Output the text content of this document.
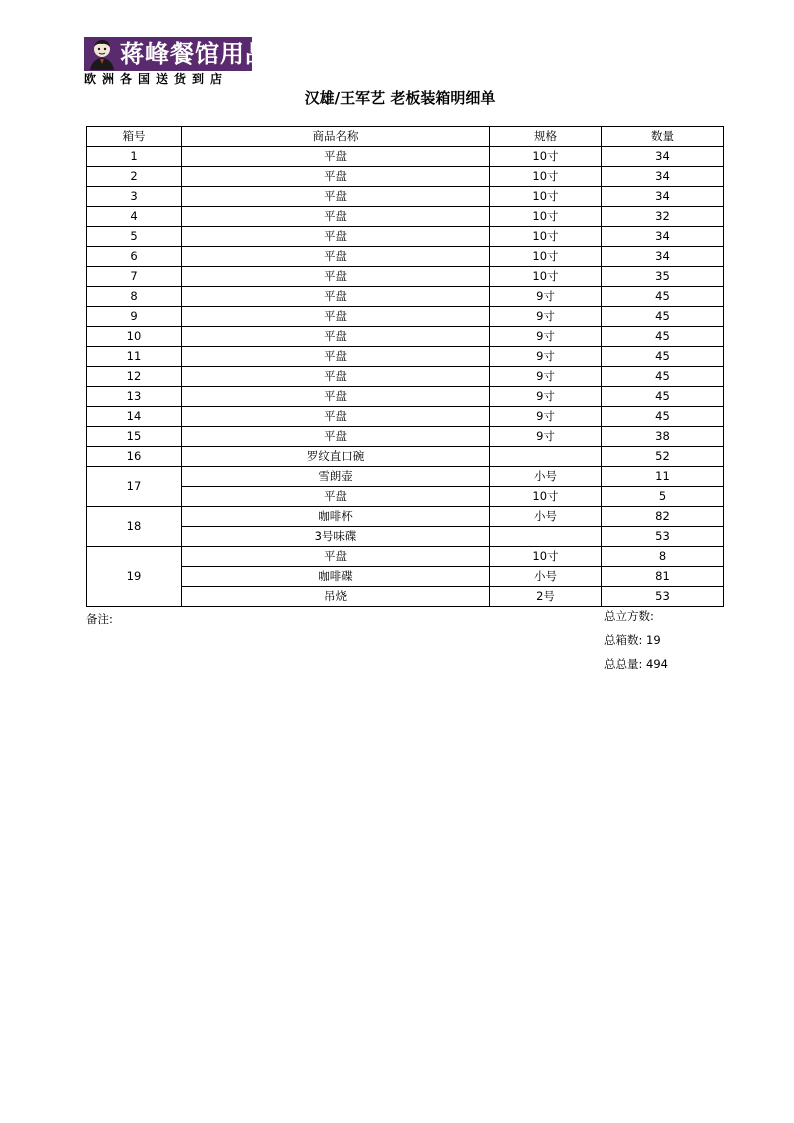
蒋峰餐馆用品
欧洲各国送货到店
汉雄/王军艺 老板装箱明细单
箱号	商品名称	规格	数量
1	平盘	10寸	34
2	平盘	10寸	34
3	平盘	10寸	34
4	平盘	10寸	32
5	平盘	10寸	34
6	平盘	10寸	34
7	平盘	10寸	35
8	平盘	9寸	45
9	平盘	9寸	45
10	平盘	9寸	45
11	平盘	9寸	45
12	平盘	9寸	45
13	平盘	9寸	45
14	平盘	9寸	45
15	平盘	9寸	38
16	罗纹直口碗		52
17	雪朗壶	小号	11
	平盘	10寸	5
18	咖啡杯	小号	82
	3号味碟		53
19	平盘	10寸	8
	咖啡碟	小号	81
	吊烧	2号	53
备注:	总立方数:
总箱数: 19
总总量: 494
